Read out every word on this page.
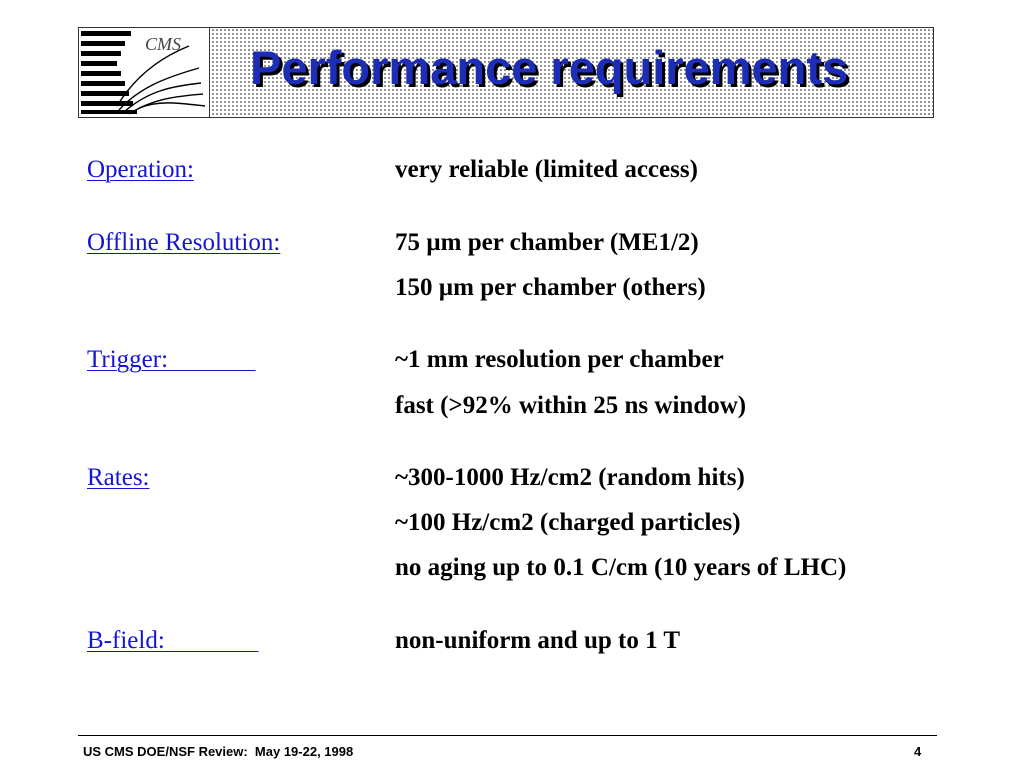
CMS Performance requirements
Operation:	very reliable (limited access)
Offline Resolution:	75 µm per chamber (ME1/2)
150 µm per chamber (others)
Trigger:	~1 mm resolution per chamber
fast (>92% within 25 ns window)
Rates:	~300-1000 Hz/cm2 (random hits)
~100 Hz/cm2 (charged particles)
no aging up to 0.1 C/cm (10 years of LHC)
B-field:	non-uniform and up to 1 T
US CMS DOE/NSF Review:  May 19-22, 1998	4
